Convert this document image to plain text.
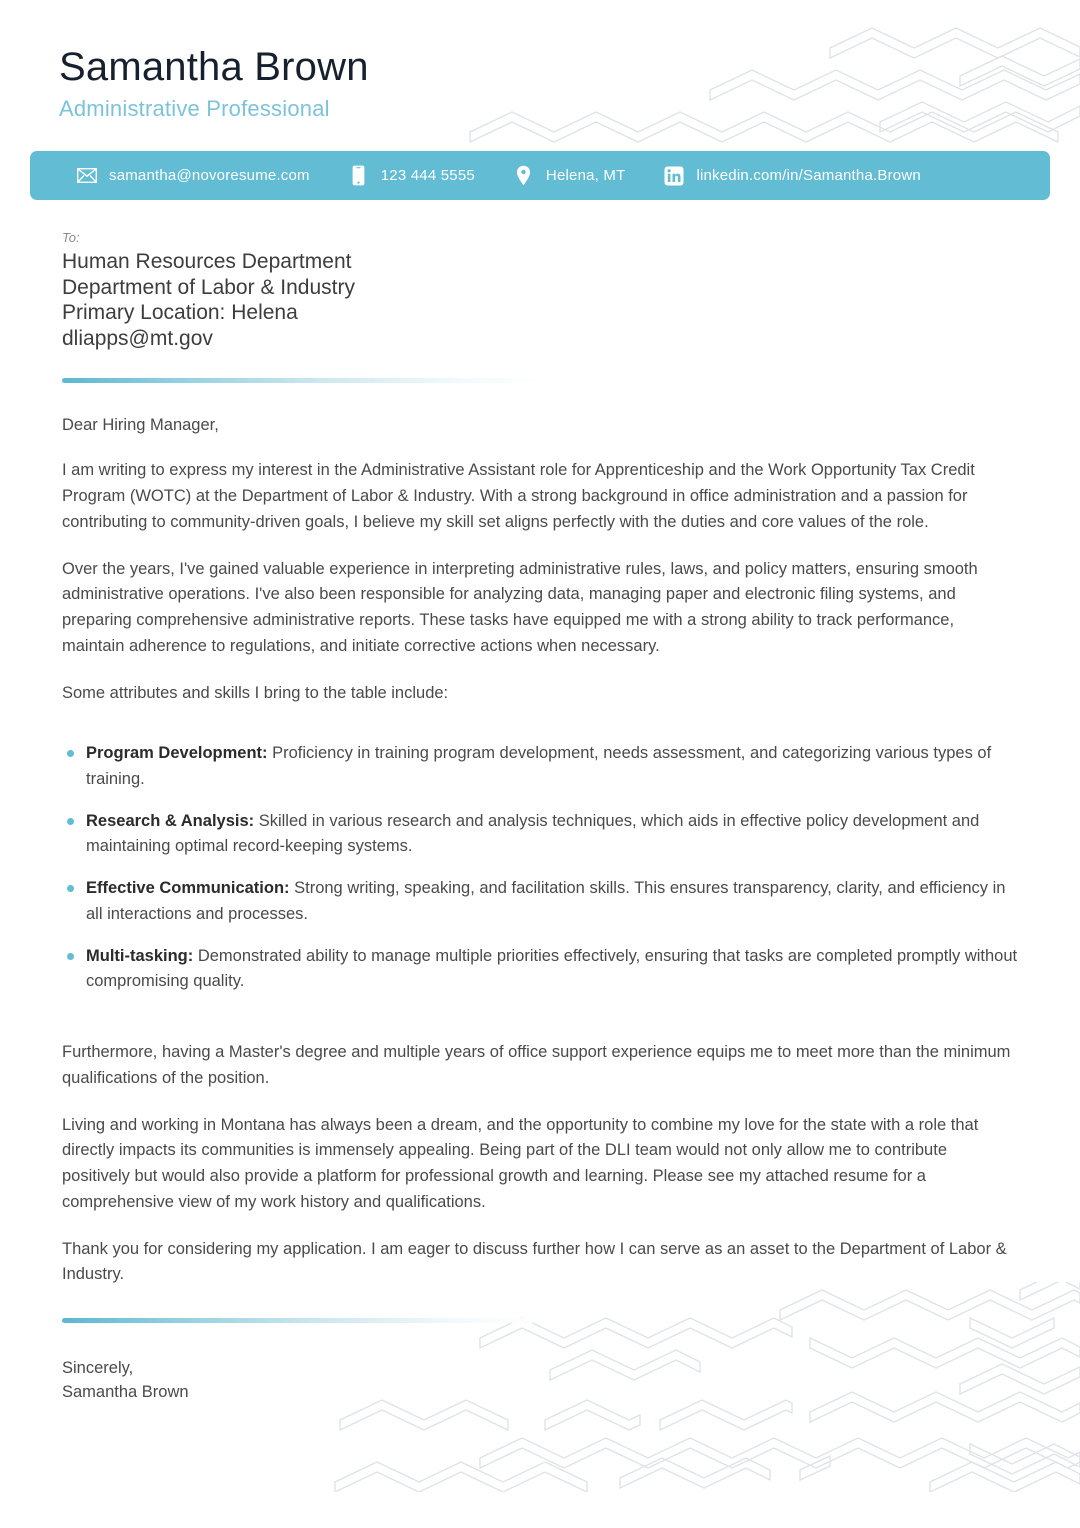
Samantha Brown
Administrative Professional
samantha@novoresume.com	123 444 5555	Helena, MT	linkedin.com/in/Samantha.Brown
To:
Human Resources Department
Department of Labor & Industry
Primary Location: Helena
dliapps@mt.gov
Dear Hiring Manager,

I am writing to express my interest in the Administrative Assistant role for Apprenticeship and the Work Opportunity Tax Credit Program (WOTC) at the Department of Labor & Industry. With a strong background in office administration and a passion for contributing to community-driven goals, I believe my skill set aligns perfectly with the duties and core values of the role.

Over the years, I've gained valuable experience in interpreting administrative rules, laws, and policy matters, ensuring smooth administrative operations. I've also been responsible for analyzing data, managing paper and electronic filing systems, and preparing comprehensive administrative reports. These tasks have equipped me with a strong ability to track performance, maintain adherence to regulations, and initiate corrective actions when necessary.

Some attributes and skills I bring to the table include:

Program Development: Proficiency in training program development, needs assessment, and categorizing various types of training.
Research & Analysis: Skilled in various research and analysis techniques, which aids in effective policy development and maintaining optimal record-keeping systems.
Effective Communication: Strong writing, speaking, and facilitation skills. This ensures transparency, clarity, and efficiency in all interactions and processes.
Multi-tasking: Demonstrated ability to manage multiple priorities effectively, ensuring that tasks are completed promptly without compromising quality.

Furthermore, having a Master's degree and multiple years of office support experience equips me to meet more than the minimum qualifications of the position.

Living and working in Montana has always been a dream, and the opportunity to combine my love for the state with a role that directly impacts its communities is immensely appealing. Being part of the DLI team would not only allow me to contribute positively but would also provide a platform for professional growth and learning. Please see my attached resume for a comprehensive view of my work history and qualifications.

Thank you for considering my application. I am eager to discuss further how I can serve as an asset to the Department of Labor & Industry.

Sincerely,
Samantha Brown
